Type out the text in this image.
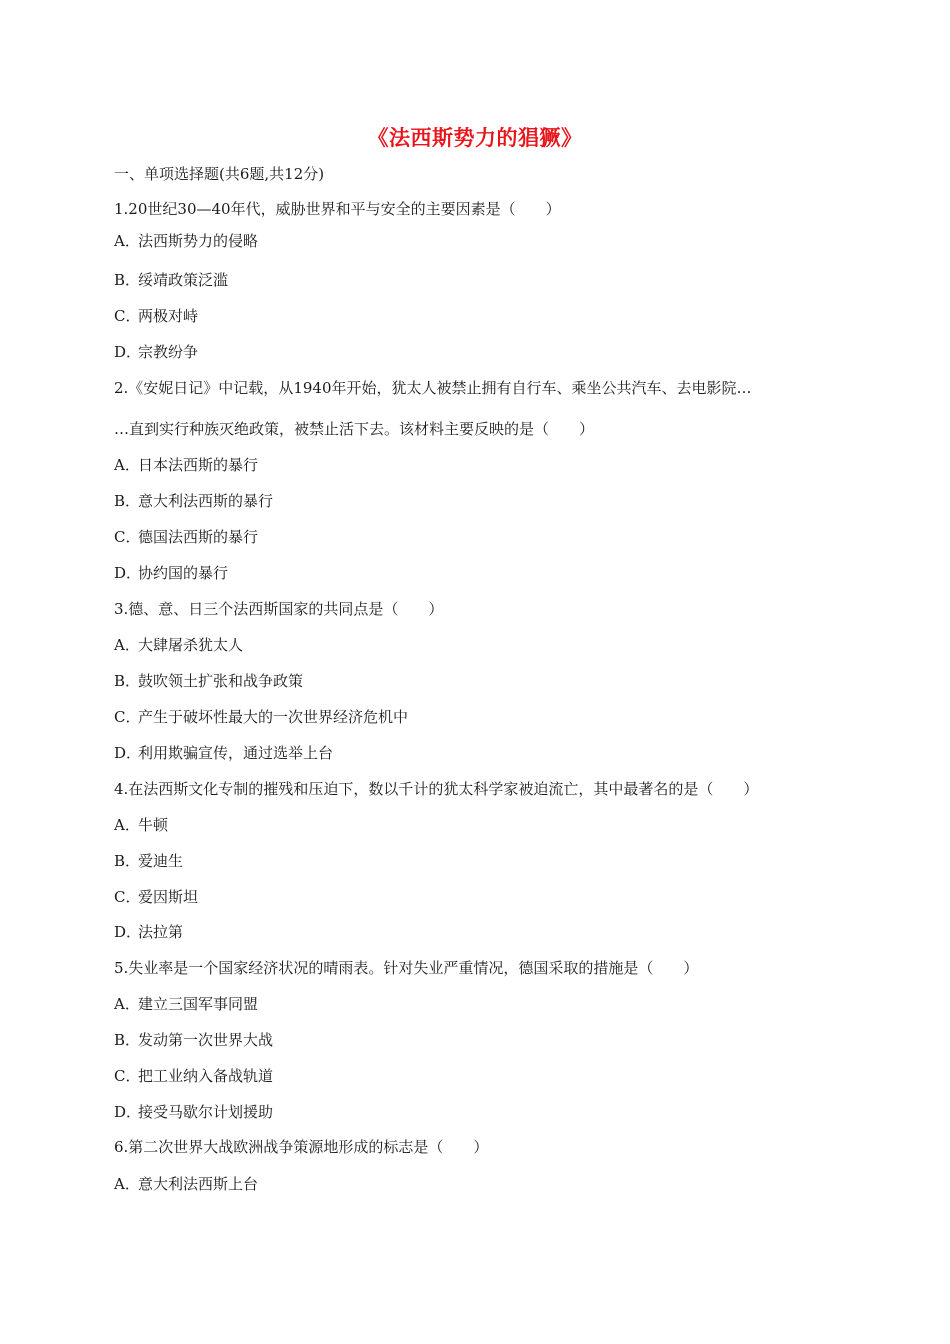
《法西斯势力的猖獗》
一、单项选择题(共6题,共12分)
1.20世纪30—40年代，威胁世界和平与安全的主要因素是（　　）
A．法西斯势力的侵略
B．绥靖政策泛滥
C．两极对峙
D．宗教纷争
2.《安妮日记》中记载，从1940年开始，犹太人被禁止拥有自行车、乘坐公共汽车、去电影院…
…直到实行种族灭绝政策，被禁止活下去。该材料主要反映的是（　　）
A．日本法西斯的暴行
B．意大利法西斯的暴行
C．德国法西斯的暴行
D．协约国的暴行
3.德、意、日三个法西斯国家的共同点是（　　）
A．大肆屠杀犹太人
B．鼓吹领土扩张和战争政策
C．产生于破坏性最大的一次世界经济危机中
D．利用欺骗宣传，通过选举上台
4.在法西斯文化专制的摧残和压迫下，数以千计的犹太科学家被迫流亡，其中最著名的是（　　）
A．牛顿
B．爱迪生
C．爱因斯坦
D．法拉第
5.失业率是一个国家经济状况的晴雨表。针对失业严重情况，德国采取的措施是（　　）
A．建立三国军事同盟
B．发动第一次世界大战
C．把工业纳入备战轨道
D．接受马歇尔计划援助
6.第二次世界大战欧洲战争策源地形成的标志是（　　）
A．意大利法西斯上台
